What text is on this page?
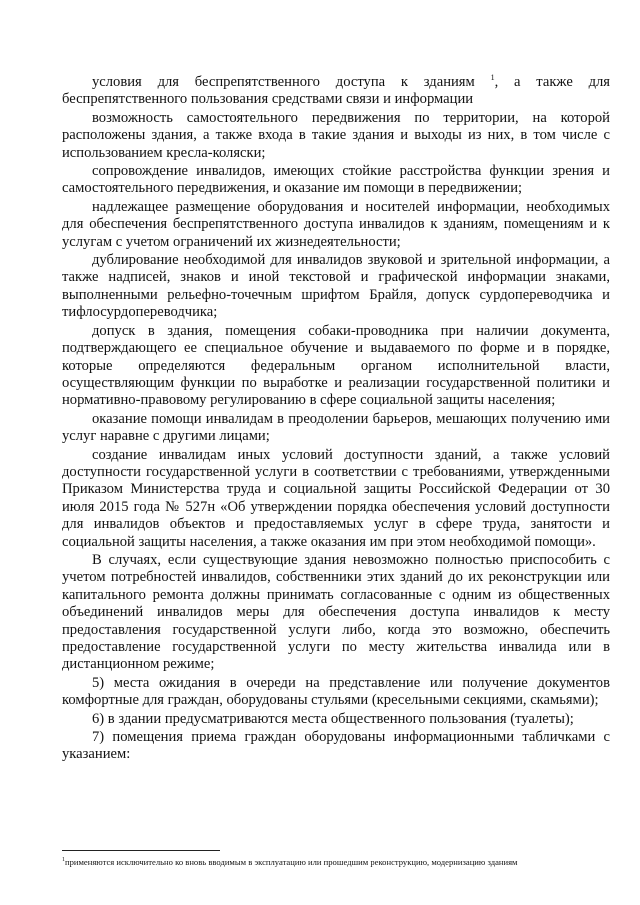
условия для беспрепятственного доступа к зданиям $^1$, а также для беспрепятственного пользования средствами связи и информации

возможность самостоятельного передвижения по территории, на которой расположены здания, а также входа в такие здания и выходы из них, в том числе с использованием кресла-коляски;

сопровождение инвалидов, имеющих стойкие расстройства функции зрения и самостоятельного передвижения, и оказание им помощи в передвижении;

надлежащее размещение оборудования и носителей информации, необходимых для обеспечения беспрепятственного доступа инвалидов к зданиям, помещениям и к услугам с учетом ограничений их жизнедеятельности;

дублирование необходимой для инвалидов звуковой и зрительной информации, а также надписей, знаков и иной текстовой и графической информации знаками, выполненными рельефно-точечным шрифтом Брайля, допуск сурдопереводчика и тифлосурдопереводчика;

допуск в здания, помещения собаки-проводника при наличии документа, подтверждающего ее специальное обучение и выдаваемого по форме и в порядке, которые определяются федеральным органом исполнительной власти, осуществляющим функции по выработке и реализации государственной политики и нормативно-правовому регулированию в сфере социальной защиты населения;

оказание помощи инвалидам в преодолении барьеров, мешающих получению ими услуг наравне с другими лицами;

создание инвалидам иных условий доступности зданий, а также условий доступности государственной услуги в соответствии с требованиями, утвержденными Приказом Министерства труда и социальной защиты Российской Федерации от 30 июля 2015 года № 527н «Об утверждении порядка обеспечения условий доступности для инвалидов объектов и предоставляемых услуг в сфере труда, занятости и социальной защиты населения, а также оказания им при этом необходимой помощи».

В случаях, если существующие здания невозможно полностью приспособить с учетом потребностей инвалидов, собственники этих зданий до их реконструкции или капитального ремонта должны принимать согласованные с одним из общественных объединений инвалидов меры для обеспечения доступа инвалидов к месту предоставления государственной услуги либо, когда это возможно, обеспечить предоставление государственной услуги по месту жительства инвалида или в дистанционном режиме;

5) места ожидания в очереди на представление или получение документов комфортные для граждан, оборудованы стульями (кресельными секциями, скамьями);

6) в здании предусматриваются места общественного пользования (туалеты);

7) помещения приема граждан оборудованы информационными табличками с указанием:

$^1$применяются исключительно ко вновь вводимым в эксплуатацию или прошедшим реконструкцию, модернизацию зданиям
